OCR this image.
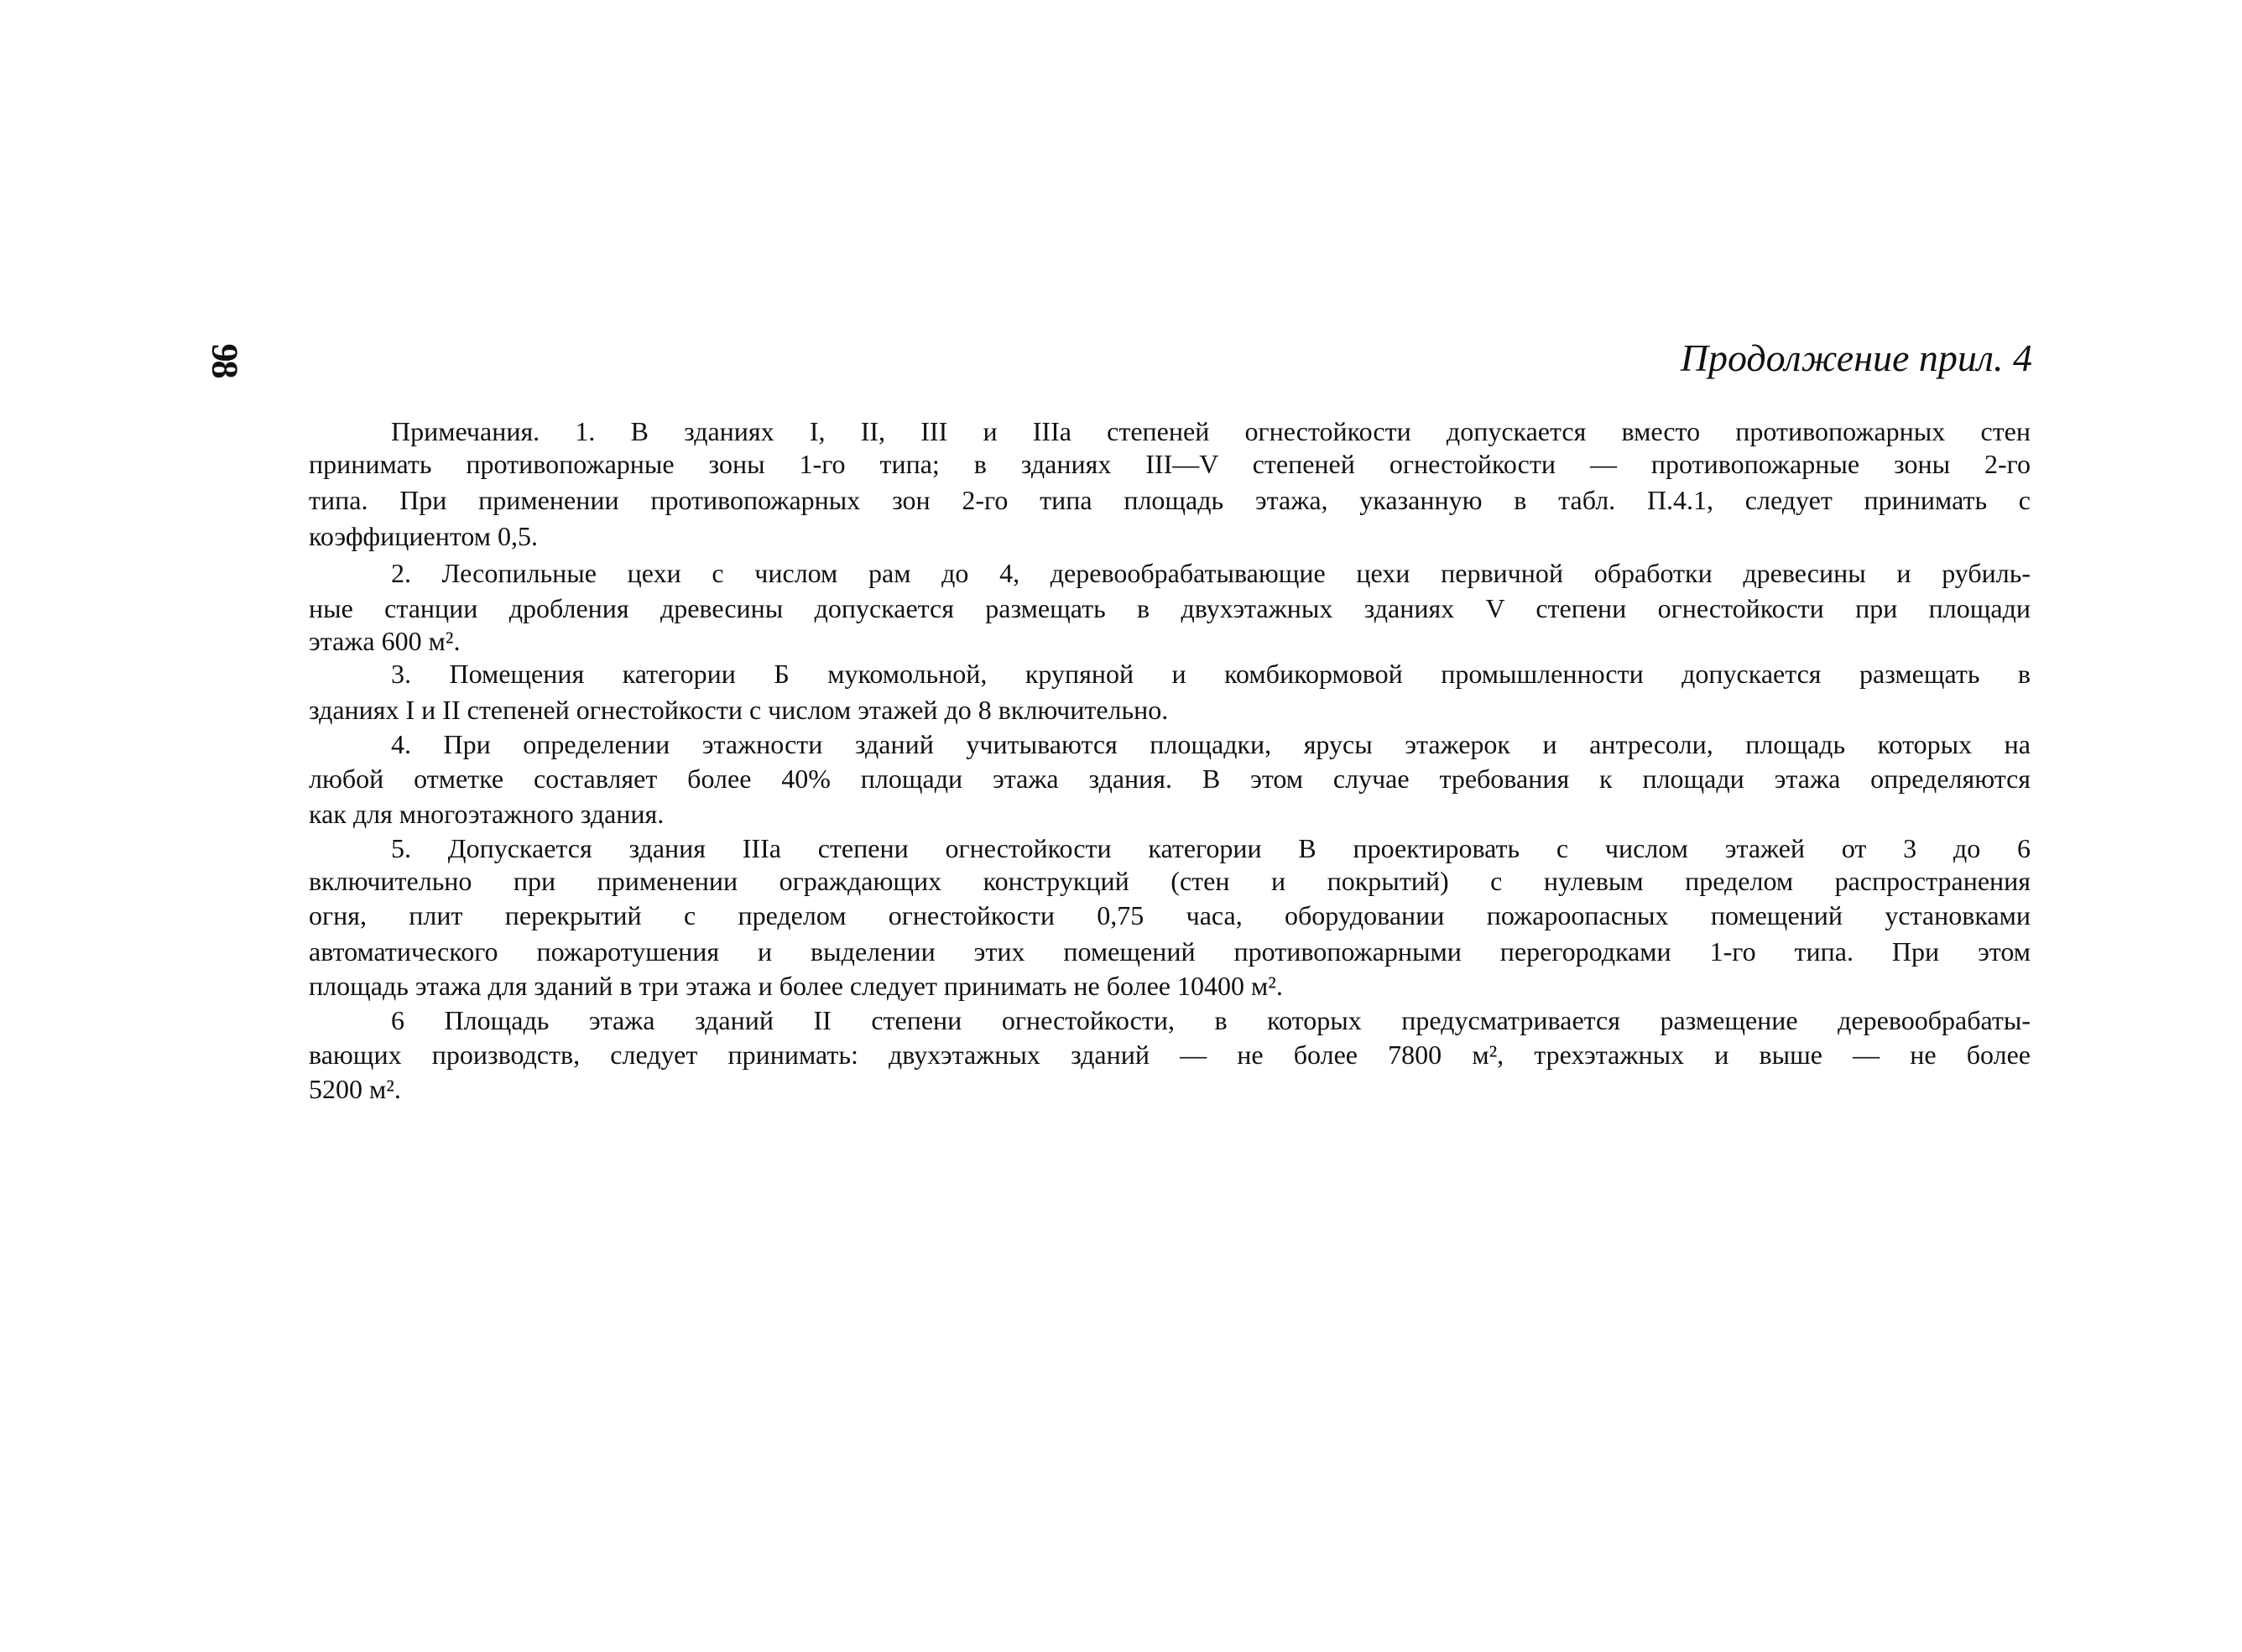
98	Продолжение прил. 4
Примечания. 1. В зданиях I, II, III и IIIa степеней огнестойкости допускается вместо противопожарных стен
принимать противопожарные зоны 1-го типа; в зданиях III—V степеней огнестойкости — противопожарные зоны 2-го
типа. При применении противопожарных зон 2-го типа площадь этажа, указанную в табл. П.4.1, следует принимать с
коэффициентом 0,5.
2. Лесопильные цехи с числом рам до 4, деревообрабатывающие цехи первичной обработки древесины и рубиль-
ные станции дробления древесины допускается размещать в двухэтажных зданиях V степени огнестойкости при площади
этажа 600 м².
3. Помещения категории Б мукомольной, крупяной и комбикормовой промышленности допускается размещать в
зданиях I и II степеней огнестойкости с числом этажей до 8 включительно.
4. При определении этажности зданий учитываются площадки, ярусы этажерок и антресоли, площадь которых на
любой отметке составляет более 40% площади этажа здания. В этом случае требования к площади этажа определяются
как для многоэтажного здания.
5. Допускается здания IIIa степени огнестойкости категории В проектировать с числом этажей от 3 до 6
включительно при применении ограждающих конструкций (стен и покрытий) с нулевым пределом распространения
огня, плит перекрытий с пределом огнестойкости 0,75 часа, оборудовании пожароопасных помещений установками
автоматического пожаротушения и выделении этих помещений противопожарными перегородками 1-го типа. При этом
площадь этажа для зданий в три этажа и более следует принимать не более 10400 м².
6 Площадь этажа зданий II степени огнестойкости, в которых предусматривается размещение деревообрабаты-
вающих производств, следует принимать: двухэтажных зданий — не более 7800 м², трехэтажных и выше — не более
5200 м².
